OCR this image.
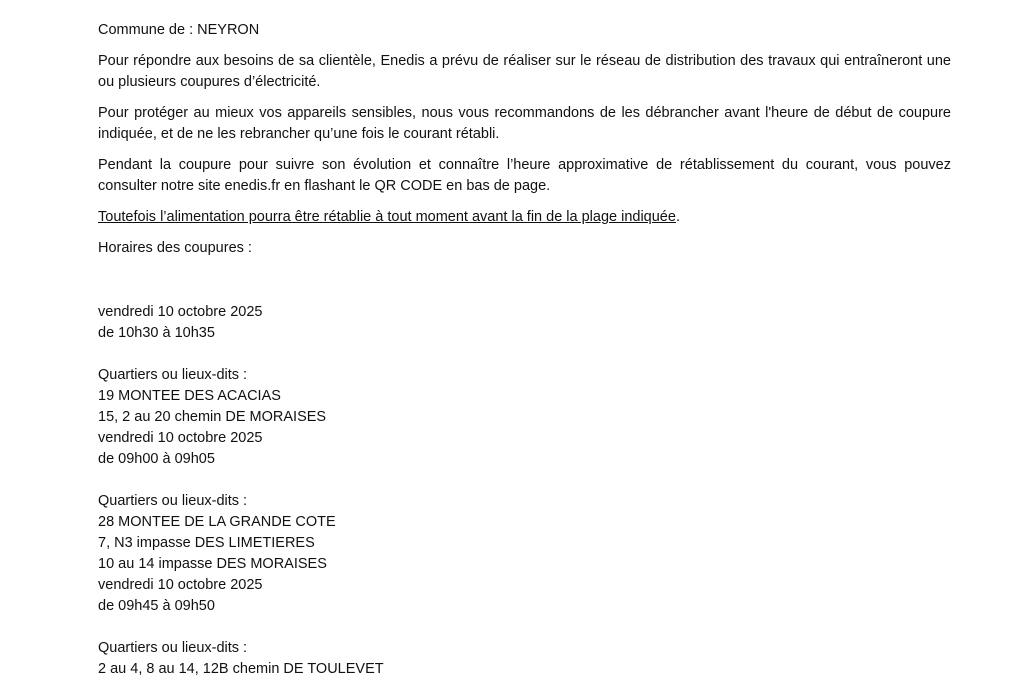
Commune de : NEYRON

Pour répondre aux besoins de sa clientèle, Enedis a prévu de réaliser sur le réseau de distribution des travaux qui entraîneront une ou plusieurs coupures d’électricité.

Pour protéger au mieux vos appareils sensibles, nous vous recommandons de les débrancher avant l'heure de début de coupure indiquée, et de ne les rebrancher qu’une fois le courant rétabli.

Pendant la coupure pour suivre son évolution et connaître l’heure approximative de rétablissement du courant, vous pouvez consulter notre site enedis.fr en flashant le QR CODE en bas de page.

Toutefois l’alimentation pourra être rétablie à tout moment avant la fin de la plage indiquée.

Horaires des coupures :
vendredi 10 octobre 2025
de 10h30 à 10h35
Quartiers ou lieux-dits :
19 MONTEE DES ACACIAS
15, 2 au 20 chemin DE MORAISES
vendredi 10 octobre 2025
de 09h00 à 09h05
Quartiers ou lieux-dits :
28 MONTEE DE LA GRANDE COTE
7, N3 impasse DES LIMETIERES
10 au 14 impasse DES MORAISES
vendredi 10 octobre 2025
de 09h45 à 09h50
Quartiers ou lieux-dits :
2 au 4, 8 au 14, 12B chemin DE TOULEVET
